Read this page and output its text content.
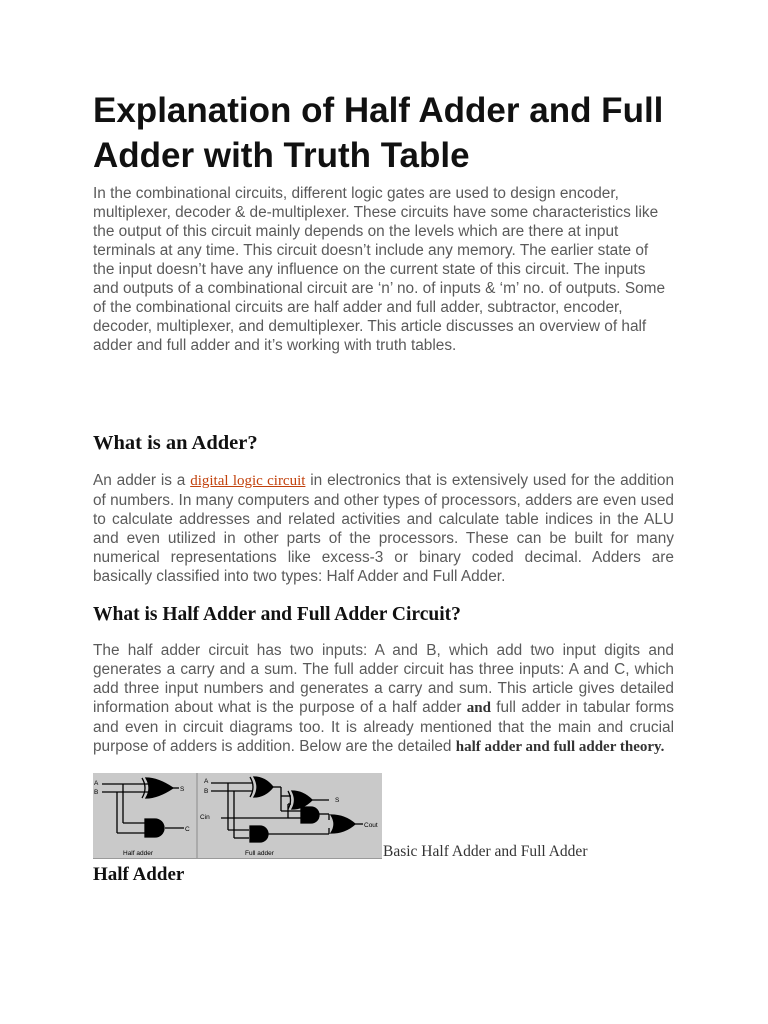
Explanation of Half Adder and Full Adder with Truth Table

In the combinational circuits, different logic gates are used to design encoder, multiplexer, decoder & de-multiplexer. These circuits have some characteristics like the output of this circuit mainly depends on the levels which are there at input terminals at any time. This circuit doesn’t include any memory. The earlier state of the input doesn’t have any influence on the current state of this circuit. The inputs and outputs of a combinational circuit are ‘n’ no. of inputs & ‘m’ no. of outputs. Some of the combinational circuits are half adder and full adder, subtractor, encoder, decoder, multiplexer, and demultiplexer. This article discusses an overview of half adder and full adder and it’s working with truth tables.

What is an Adder?

An adder is a digital logic circuit in electronics that is extensively used for the addition of numbers. In many computers and other types of processors, adders are even used to calculate addresses and related activities and calculate table indices in the ALU and even utilized in other parts of the processors. These can be built for many numerical representations like excess-3 or binary coded decimal. Adders are basically classified into two types: Half Adder and Full Adder.

What is Half Adder and Full Adder Circuit?

The half adder circuit has two inputs: A and B, which add two input digits and generates a carry and a sum. The full adder circuit has three inputs: A and C, which add three input numbers and generates a carry and sum. This article gives detailed information about what is the purpose of a half adder and full adder in tabular forms and even in circuit diagrams too. It is already mentioned that the main and crucial purpose of adders is addition. Below are the detailed half adder and full adder theory.

A
B	S
C
Half adder
A
B
Cin
S
Cout
Full adder	Basic Half Adder and Full Adder

Half Adder
